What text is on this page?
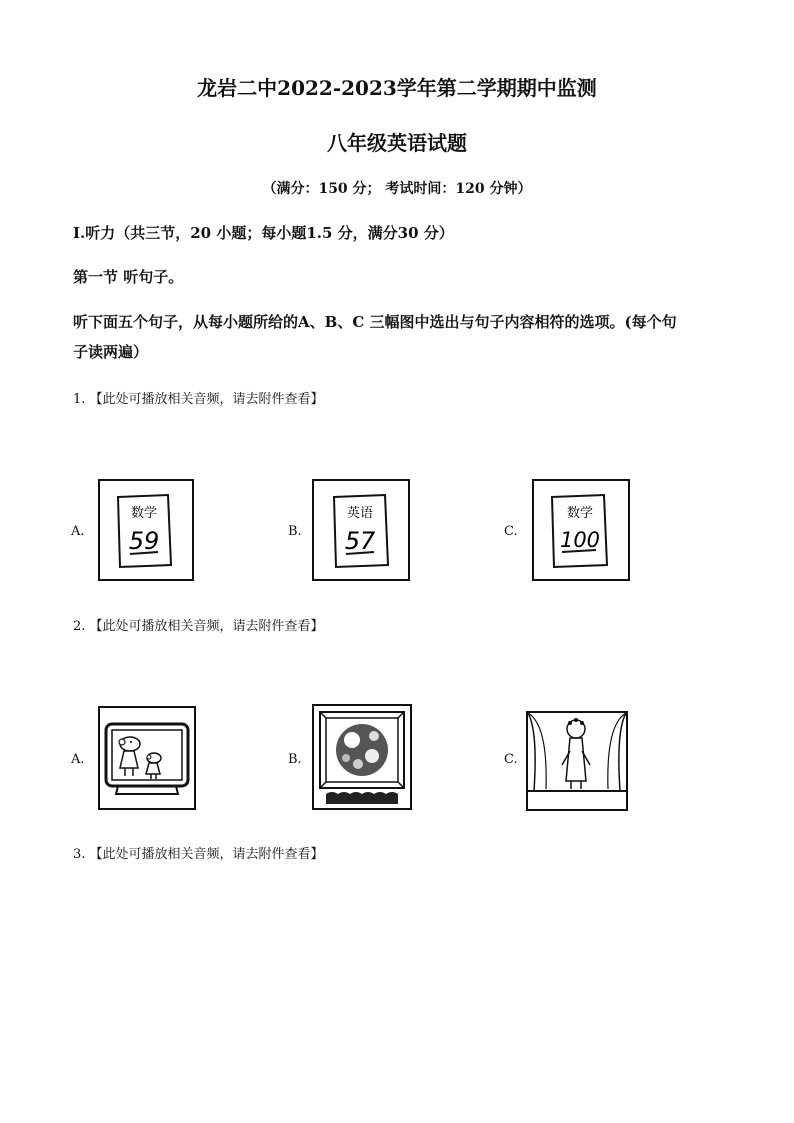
龙岩二中2022-2023学年第二学期期中监测
八年级英语试题
（满分：150 分； 考试时间：120 分钟）
I.听力（共三节，20 小题；每小题1.5 分，满分30 分）
第一节 听句子。
听下面五个句子，从每小题所给的A、B、C 三幅图中选出与句子内容相符的选项。(每个句
子读两遍）
1. 【此处可播放相关音频，请去附件查看】
A.
数学
59	B.
英语
57	C.
数学
100
2. 【此处可播放相关音频，请去附件查看】
A.	B.	C.
3. 【此处可播放相关音频，请去附件查看】
